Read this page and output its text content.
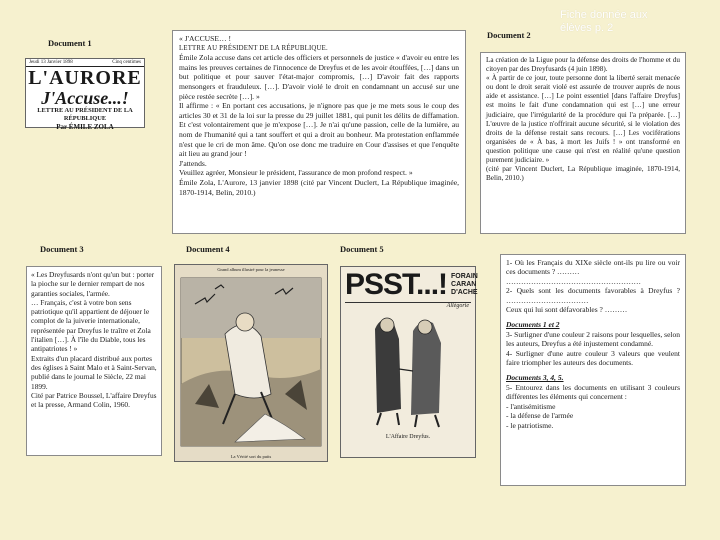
Document 1
Jeudi 13 Janvier 1898	Cinq centimes
L'AURORE
J'Accuse...!
LETTRE AU PRÉSIDENT DE LA RÉPUBLIQUE
Par ÉMILE ZOLA

« J'ACCUSE… !

LETTRE AU PRÉSIDENT DE LA RÉPUBLIQUE.

Émile Zola accuse dans cet article des officiers et personnels de justice « d'avoir eu entre les mains les preuves certaines de l'innocence de Dreyfus et de les avoir étouffées, […] dans un but politique et pour sauver l'état-major compromis, […] D'avoir fait des rapports mensongers et frauduleux. […]. D'avoir violé le droit en condamnant un accusé sur une pièce restée secrète […]. »

Il affirme : « En portant ces accusations, je n'ignore pas que je me mets sous le coup des articles 30 et 31 de la loi sur la presse du 29 juillet 1881, qui punit les délits de diffamation. Et c'est volontairement que je m'expose […]. Je n'ai qu'une passion, celle de la lumière, au nom de l'humanité qui a tant souffert et qui a droit au bonheur. Ma protestation enflammée n'est que le cri de mon âme. Qu'on ose donc me traduire en Cour d'assises et que l'enquête ait lieu au grand jour !

J'attends.

Veuillez agréer, Monsieur le président, l'assurance de mon profond respect. »

Émile Zola, L'Aurore, 13 janvier 1898 (cité par Vincent Duclert, La République imaginée, 1870-1914, Belin, 2010.)

Document 2
Fiche donnée aux
élèves p. 2

La création de la Ligue pour la défense des droits de l'homme et du citoyen par des Dreyfusards (4 juin 1898).

« À partir de ce jour, toute personne dont la liberté serait menacée ou dont le droit serait violé est assurée de trouver auprès de nous aide et assistance. […] Le point essentiel [dans l'affaire Dreyfus] est moins le fait d'une condamnation qui est […] une erreur judiciaire, que l'irrégularité de la procédure qui l'a préparée. […] L'œuvre de la justice n'offrirait aucune sécurité, si le violation des droits de la défense restait sans recours. […] Les vociférations organisées de « À bas, à mort les Juifs ! » ont transformé en question politique une cause qui n'est en réalité qu'une question purement judiciaire. »

(cité par Vincent Duclert, La République imaginée, 1870-1914, Belin, 2010.)

Document 3

« Les Dreyfusards n'ont qu'un but : porter la pioche sur le dernier rempart de nos garanties sociales, l'armée.

… Français, c'est à votre bon sens patriotique qu'il appartient de déjouer le complot de la juiverie internationale, représentée par Dreyfus le traître et Zola l'italien […]. À l'île du Diable, tous les antipatriotes ! »

Extraits d'un placard distribué aux portes des églises à Saint Malo et à Saint-Servan, publié dans le journal le Siècle, 22 mai 1899.

Cité par Patrice Boussel, L'affaire Dreyfus et la presse, Armand Colin, 1960.

Document 4
Grand album illustré pour la jeunesse
La Vérité sort du puits
Document 5
PSST...! FORAIN
CARAN D'ACHE
Allégorie
L'Affaire Dreyfus.

1- Où les Français du XIXe siècle ont-ils pu lire ou voir ces documents ? ………

………………………………………………

2- Quels sont les documents favorables à Dreyfus ? ……………………………

Ceux qui lui sont défavorables ? ………

Documents 1 et 2

3- Surligner d'une couleur 2 raisons pour lesquelles, selon les auteurs, Dreyfus a été injustement condamné.

4- Surligner d'une autre couleur 3 valeurs que veulent faire triompher les auteurs des documents.

Documents 3, 4, 5.

5- Entourez dans les documents en utilisant 3 couleurs différentes les éléments qui concernent :

- l'antisémitisme

- la défense de l'armée

- le patriotisme.
